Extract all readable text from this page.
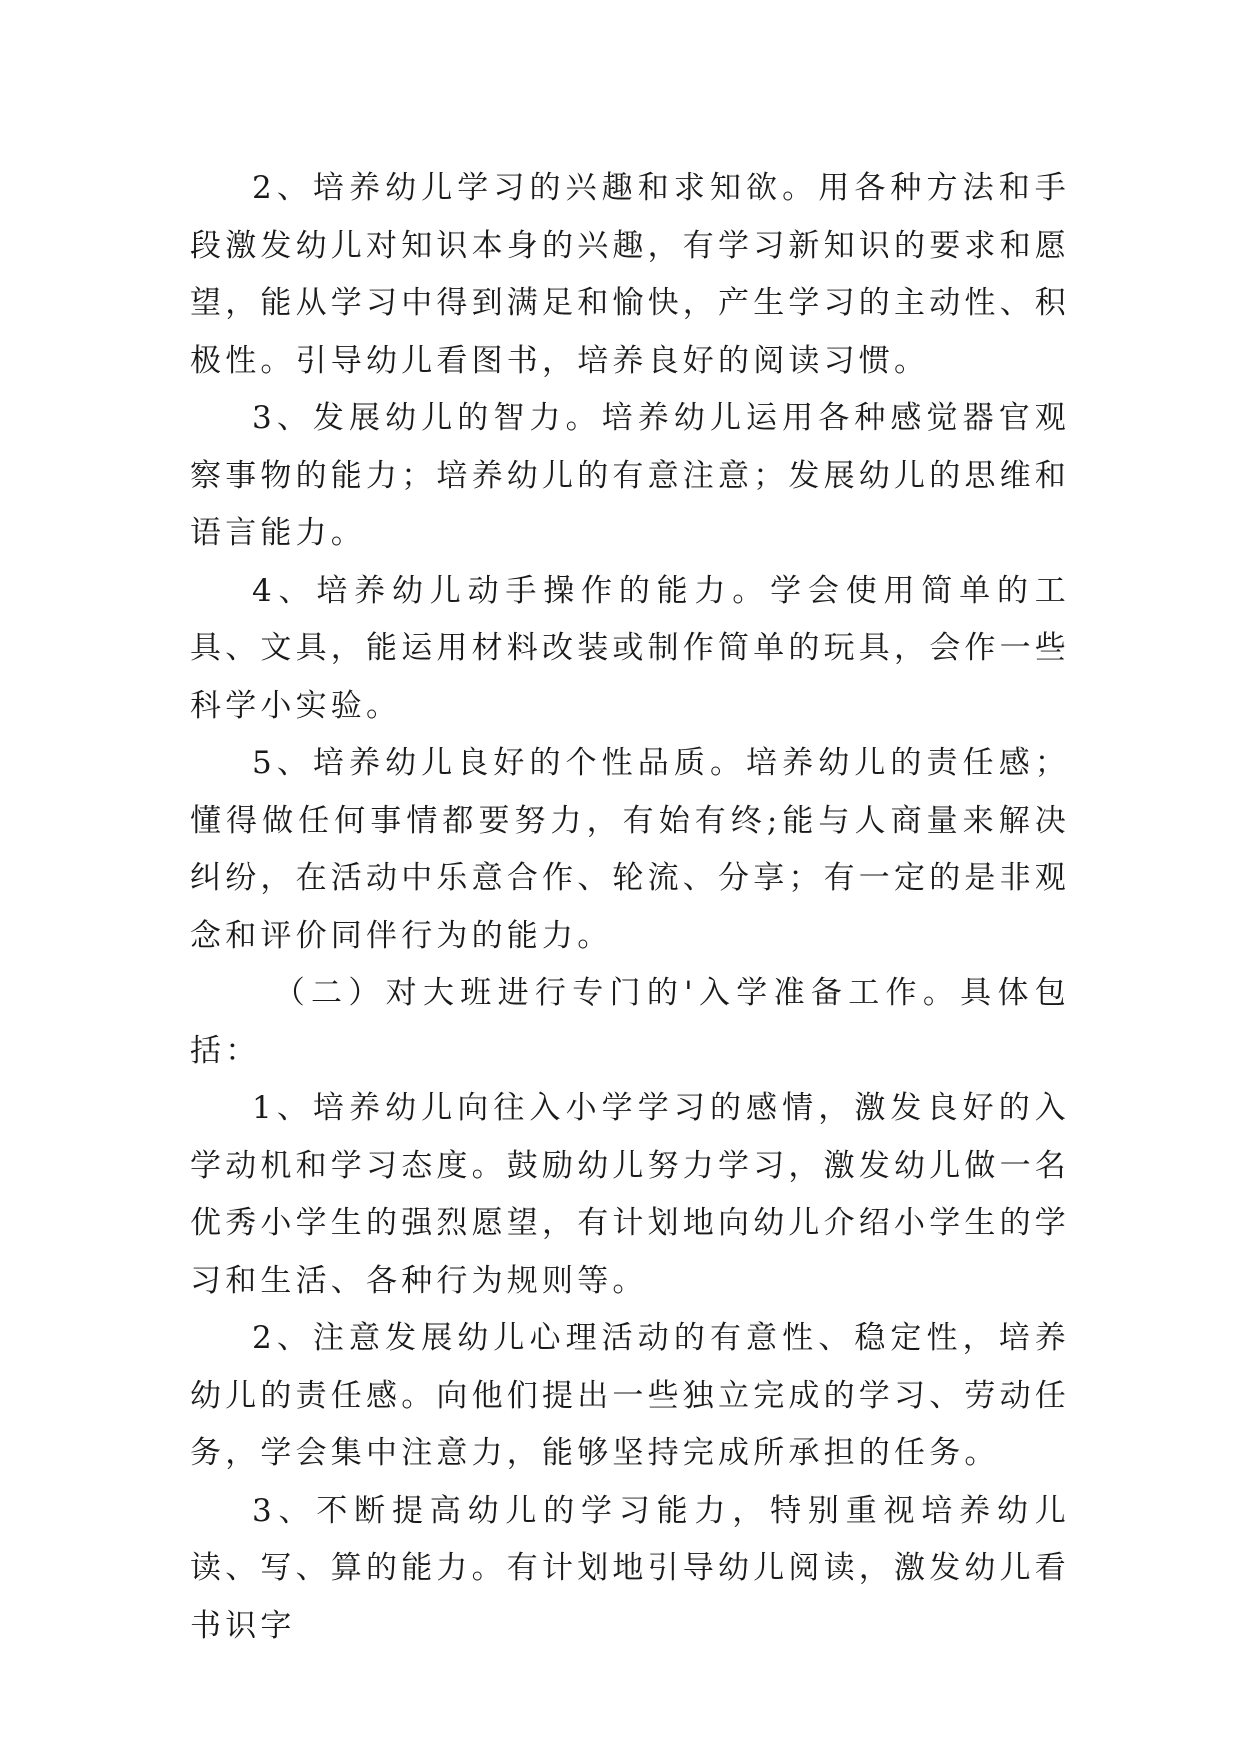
2、培养幼儿学习的兴趣和求知欲。用各种方法和手段激发幼儿对知识本身的兴趣，有学习新知识的要求和愿望，能从学习中得到满足和愉快，产生学习的主动性、积极性。引导幼儿看图书，培养良好的阅读习惯。

3、发展幼儿的智力。培养幼儿运用各种感觉器官观察事物的能力；培养幼儿的有意注意；发展幼儿的思维和语言能力。

4、培养幼儿动手操作的能力。学会使用简单的工具、文具，能运用材料改装或制作简单的玩具，会作一些科学小实验。

5、培养幼儿良好的个性品质。培养幼儿的责任感；懂得做任何事情都要努力，有始有终;能与人商量来解决纠纷，在活动中乐意合作、轮流、分享；有一定的是非观念和评价同伴行为的能力。

（二）对大班进行专门的'入学准备工作。具体包括：

1、培养幼儿向往入小学学习的感情，激发良好的入学动机和学习态度。鼓励幼儿努力学习，激发幼儿做一名优秀小学生的强烈愿望，有计划地向幼儿介绍小学生的学习和生活、各种行为规则等。

2、注意发展幼儿心理活动的有意性、稳定性，培养幼儿的责任感。向他们提出一些独立完成的学习、劳动任务，学会集中注意力，能够坚持完成所承担的任务。

3、不断提高幼儿的学习能力，特别重视培养幼儿读、写、算的能力。有计划地引导幼儿阅读，激发幼儿看书识字
